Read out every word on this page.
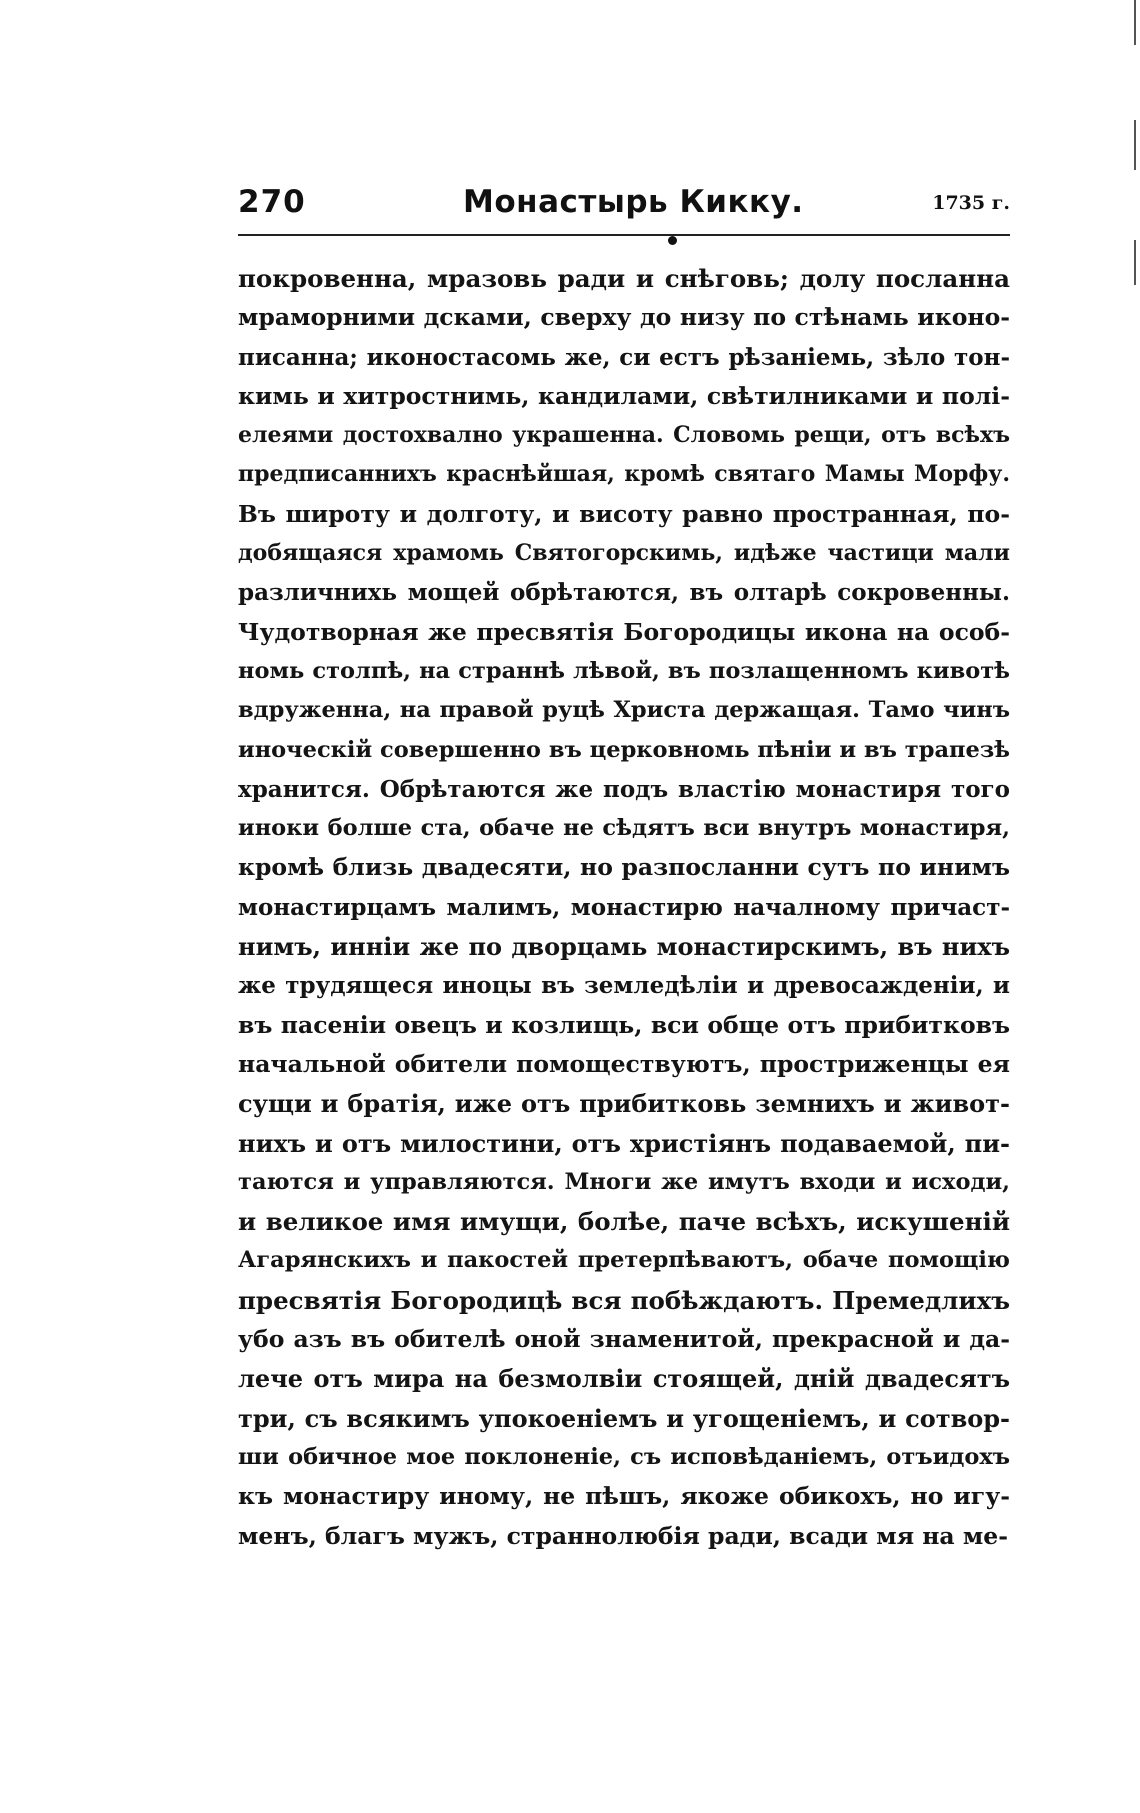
270	Монастырь Кикку.	1735 г.
покровенна, мразовь ради и снѣговь; долу посланна
мраморними дсками, сверху до низу по стѣнамь иконо-
писанна; иконостасомь же, си естъ рѣзаніемь, зѣло тон-
кимь и хитростнимь, кандилами, свѣтилниками и полі-
елеями достохвално украшенна. Словомь рещи, отъ всѣхъ
предписаннихъ краснѣйшая, кромѣ святаго Мамы Морфу.
Въ широту и долготу, и висоту равно пространная, по-
добящаяся храмомь Святогорскимь, идѣже частици мали
различнихь мощей обрѣтаются, въ олтарѣ сокровенны.
Чудотворная же пресвятія Богородицы икона на особ-
номь столпѣ, на страннѣ лѣвой, въ позлащенномъ кивотѣ
вдруженна, на правой руцѣ Христа держащая. Тамо чинъ
иноческій совершенно въ церковномь пѣніи и въ трапезѣ
хранится. Обрѣтаются же подъ властію монастиря того
иноки болше ста, обаче не сѣдятъ вси внутръ монастиря,
кромѣ близь двадесяти, но разпосланни сутъ по инимъ
монастирцамъ малимъ, монастирю началному причаст-
нимъ, инніи же по дворцамь монастирскимъ, въ нихъ
же трудящеся иноцы въ земледѣліи и древосажденіи, и
въ пасеніи овецъ и козлищь, вси обще отъ прибитковъ
начальной обители помоществуютъ, простриженцы ея
сущи и братія, иже отъ прибитковь земнихъ и живот-
нихъ и отъ милостини, отъ христіянъ подаваемой, пи-
таются и управляются. Многи же имутъ входи и исходи,
и великое имя имущи, болѣе, паче всѣхъ, искушеній
Агарянскихъ и пакостей претерпѣваютъ, обаче помощію
пресвятія Богородицѣ вся побѣждаютъ. Премедлихъ
убо азъ въ обителѣ оной знаменитой, прекрасной и да-
лече отъ мира на безмолвіи стоящей, дній двадесятъ
три, съ всякимъ упокоеніемъ и угощеніемъ, и сотвор-
ши обичное мое поклоненіе, съ исповѣданіемъ, отъидохъ
къ монастиру иному, не пѣшъ, якоже обикохъ, но игу-
менъ, благъ мужъ, страннолюбія ради, всади мя на ме-
